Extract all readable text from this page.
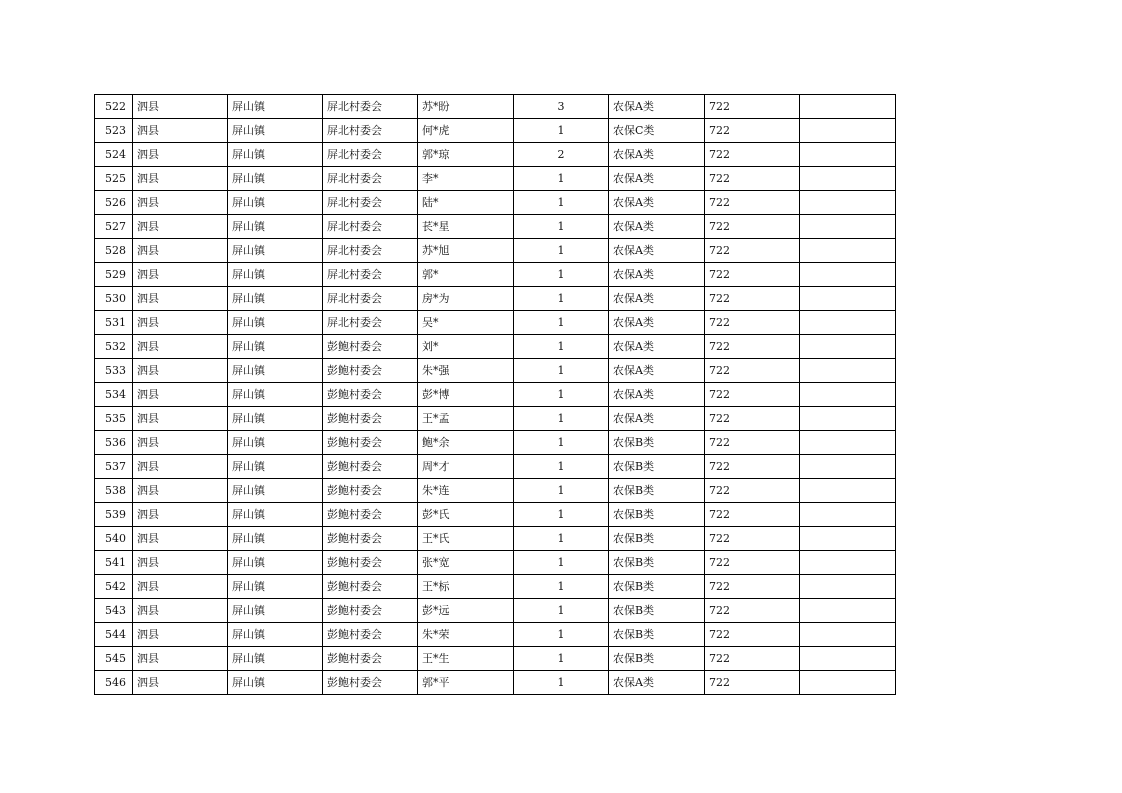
522	泗县	屏山镇	屏北村委会	苏*盼	3	农保A类	722	
523	泗县	屏山镇	屏北村委会	何*虎	1	农保C类	722	
524	泗县	屏山镇	屏北村委会	郭*琼	2	农保A类	722	
525	泗县	屏山镇	屏北村委会	李*	1	农保A类	722	
526	泗县	屏山镇	屏北村委会	陆*	1	农保A类	722	
527	泗县	屏山镇	屏北村委会	苌*星	1	农保A类	722	
528	泗县	屏山镇	屏北村委会	苏*旭	1	农保A类	722	
529	泗县	屏山镇	屏北村委会	郭*	1	农保A类	722	
530	泗县	屏山镇	屏北村委会	房*为	1	农保A类	722	
531	泗县	屏山镇	屏北村委会	吴*	1	农保A类	722	
532	泗县	屏山镇	彭鲍村委会	刘*	1	农保A类	722	
533	泗县	屏山镇	彭鲍村委会	朱*强	1	农保A类	722	
534	泗县	屏山镇	彭鲍村委会	彭*博	1	农保A类	722	
535	泗县	屏山镇	彭鲍村委会	王*孟	1	农保A类	722	
536	泗县	屏山镇	彭鲍村委会	鲍*余	1	农保B类	722	
537	泗县	屏山镇	彭鲍村委会	周*才	1	农保B类	722	
538	泗县	屏山镇	彭鲍村委会	朱*连	1	农保B类	722	
539	泗县	屏山镇	彭鲍村委会	彭*氏	1	农保B类	722	
540	泗县	屏山镇	彭鲍村委会	王*氏	1	农保B类	722	
541	泗县	屏山镇	彭鲍村委会	张*宽	1	农保B类	722	
542	泗县	屏山镇	彭鲍村委会	王*标	1	农保B类	722	
543	泗县	屏山镇	彭鲍村委会	彭*远	1	农保B类	722	
544	泗县	屏山镇	彭鲍村委会	朱*荣	1	农保B类	722	
545	泗县	屏山镇	彭鲍村委会	王*生	1	农保B类	722	
546	泗县	屏山镇	彭鲍村委会	郭*平	1	农保A类	722	
